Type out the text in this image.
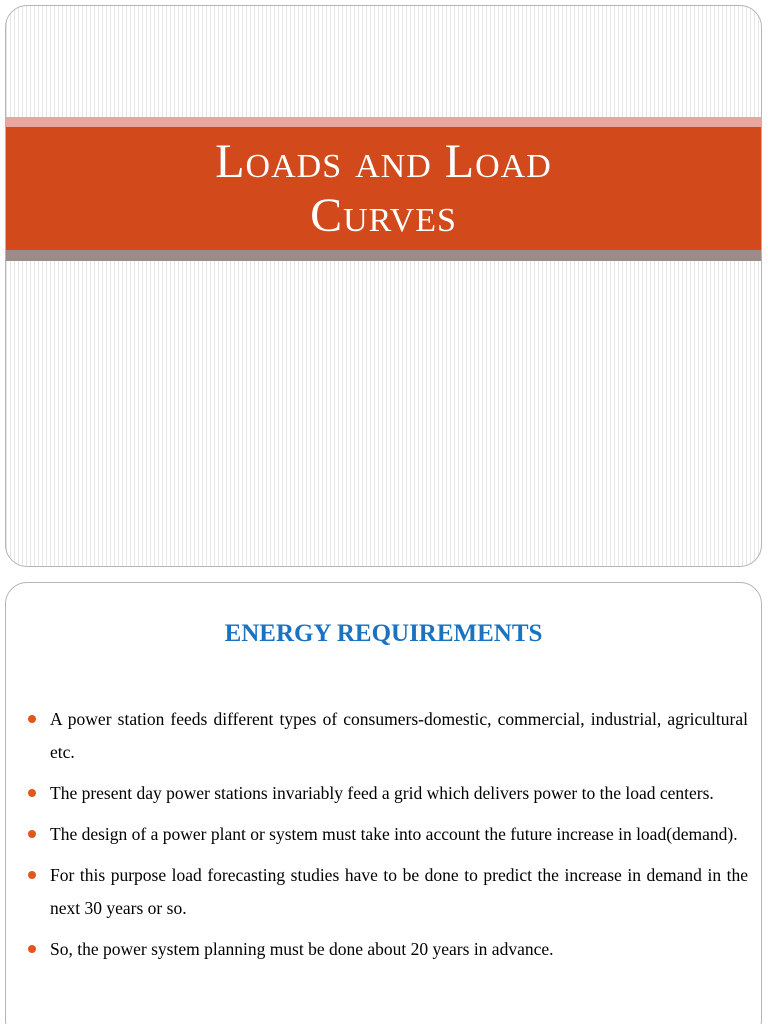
Loads and Load
Curves
ENERGY REQUIREMENTS
A power station feeds different types of consumers-domestic, commercial, industrial, agricultural etc.
The present day power stations invariably feed a grid which delivers power to the load centers.
The design of a power plant or system must take into account the future increase in load(demand).
For this purpose load forecasting studies have to be done to predict the increase in demand in the next 30 years or so.
So, the power system planning must be done about 20 years in advance.
